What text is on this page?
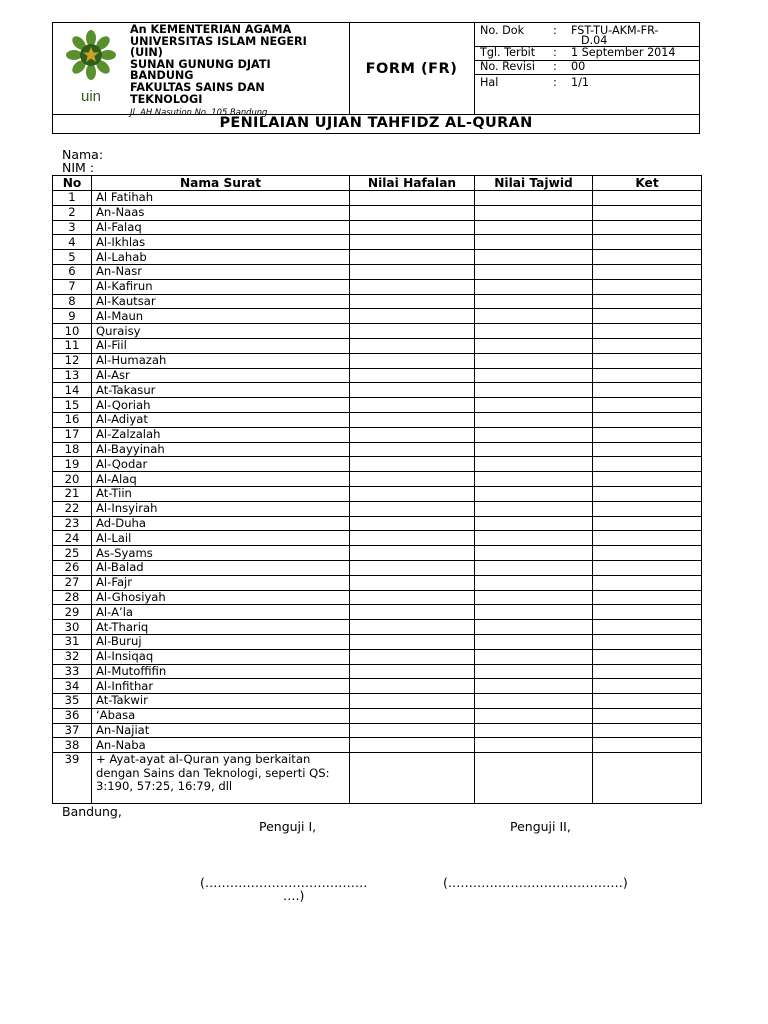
uin
An KEMENTERIAN AGAMA
UNIVERSITAS ISLAM NEGERI
(UIN)
SUNAN GUNUNG DJATI
BANDUNG
FAKULTAS SAINS DAN
TEKNOLOGI
Jl. AH Nasution No. 105 Bandung
FORM (FR)
No. Dok	: FST-TU-AKM-FR-
D.04
Tgl. Terbit : 1 September 2014
No. Revisi : 00
Hal	: 1/1
PENILAIAN UJIAN TAHFIDZ AL-QURAN
Nama:
NIM :
No	Nama Surat	Nilai Hafalan	Nilai Tajwid	Ket
1	Al Fatihah			
2	An-Naas			
3	Al-Falaq			
4	Al-Ikhlas			
5	Al-Lahab			
6	An-Nasr			
7	Al-Kafirun			
8	Al-Kautsar			
9	Al-Maun			
10	Quraisy			
11	Al-Fiil			
12	Al-Humazah			
13	Al-Asr			
14	At-Takasur			
15	Al-Qoriah			
16	Al-Adiyat			
17	Al-Zalzalah			
18	Al-Bayyinah			
19	Al-Qodar			
20	Al-Alaq			
21	At-Tiin			
22	Al-Insyirah			
23	Ad-Duha			
24	Al-Lail			
25	As-Syams			
26	Al-Balad			
27	Al-Fajr			
28	Al-Ghosiyah			
29	Al-A’la			
30	At-Thariq			
31	Al-Buruj			
32	Al-Insiqaq			
33	Al-Mutoffifin			
34	Al-Infithar			
35	At-Takwir			
36	‘Abasa			
37	An-Najiat			
38	An-Naba			
39	+ Ayat-ayat al-Quran yang berkaitan dengan Sains dan Teknologi, seperti QS: 3:190, 57:25, 16:79, dll			
Bandung,
Penguji I,	Penguji II,
(…………………………………
….)
(……………………………………)
